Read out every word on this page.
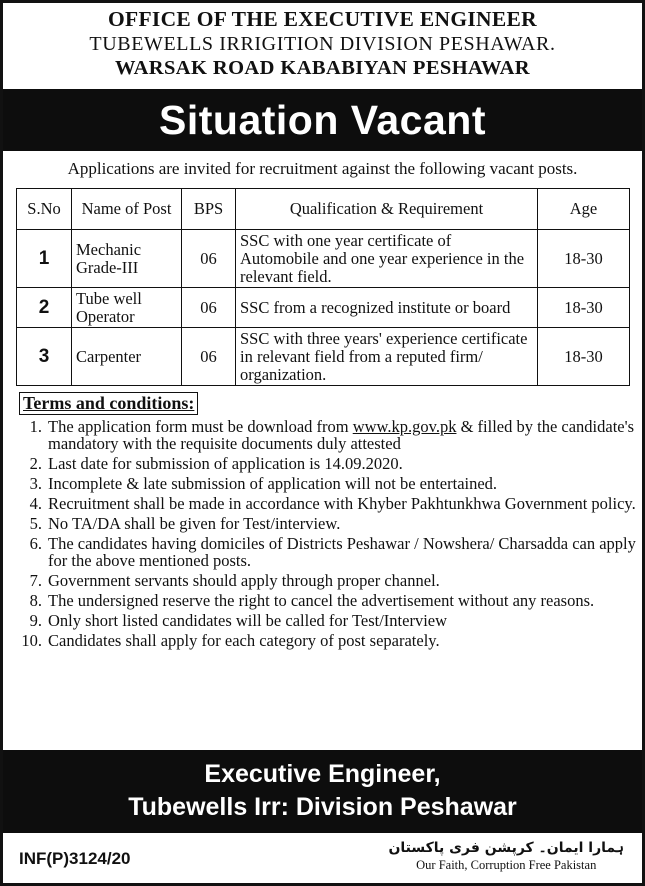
OFFICE OF THE EXECUTIVE ENGINEER
TUBEWELLS IRRIGITION DIVISION PESHAWAR.
WARSAK ROAD KABABIYAN PESHAWAR
Situation Vacant
Applications are invited for recruitment against the following vacant posts.
S.No	Name of Post	BPS	Qualification & Requirement	Age
1	Mechanic Grade-III	06	SSC with one year certificate of Automobile and one year experience in the relevant field.	18-30
2	Tube well Operator	06	SSC from a recognized institute or board	18-30
3	Carpenter	06	SSC with three years' experience certificate in relevant field from a reputed firm/ organization.	18-30
Terms and conditions:
1. The application form must be download from www.kp.gov.pk & filled by the candidate's mandatory with the requisite documents duly attested
2. Last date for submission of application is 14.09.2020.
3. Incomplete & late submission of application will not be entertained.
4. Recruitment shall be made in accordance with Khyber Pakhtunkhwa Government policy.
5. No TA/DA shall be given for Test/interview.
6. The candidates having domiciles of Districts Peshawar / Nowshera/ Charsadda can apply for the above mentioned posts.
7. Government servants should apply through proper channel.
8. The undersigned reserve the right to cancel the advertisement without any reasons.
9. Only short listed candidates will be called for Test/Interview
10. Candidates shall apply for each category of post separately.
Executive Engineer,
Tubewells Irr: Division Peshawar
INF(P)3124/20
ہمارا ایمان۔ کرپشن فری پاکستان
Our Faith, Corruption Free Pakistan
